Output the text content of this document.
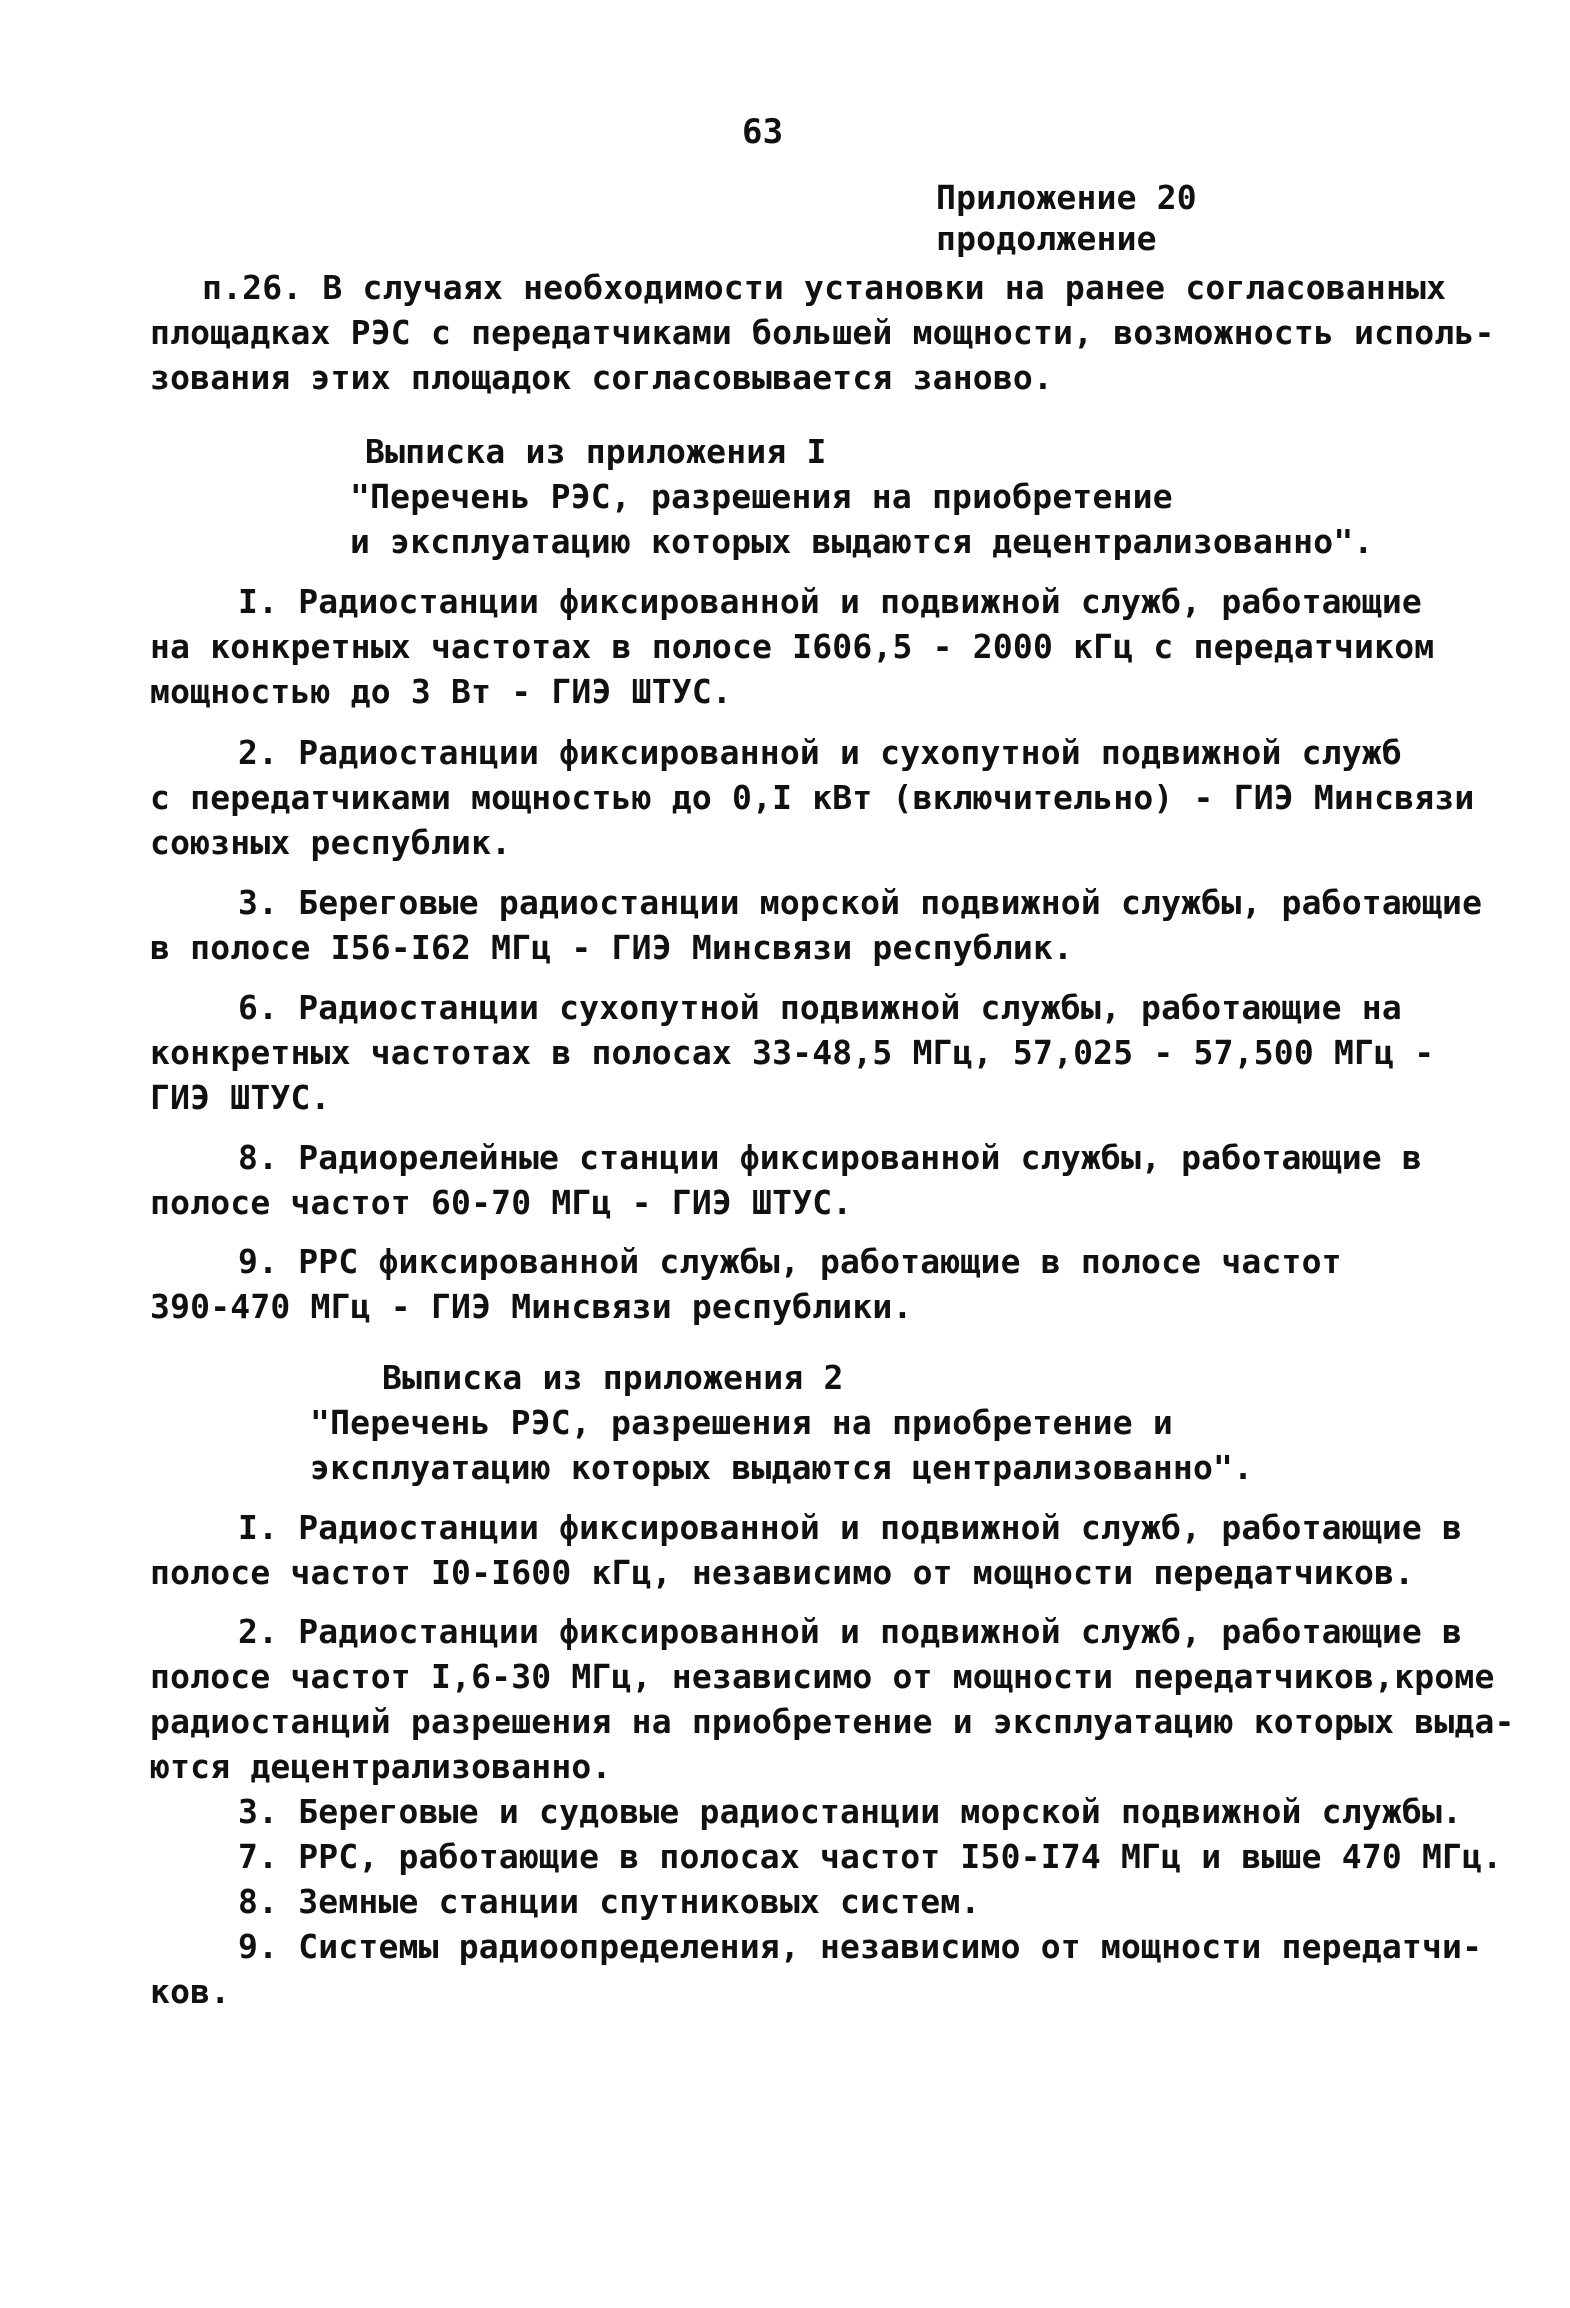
63
Приложение 20
продолжение
п.26. В случаях необходимости установки на ранее согласованных
площадках РЭС с передатчиками большей мощности, возможность исполь-
зования этих площадок согласовывается заново.
Выписка из приложения I
"Перечень РЭС, разрешения на приобретение
и эксплуатацию которых выдаются децентрализованно".
I. Радиостанции фиксированной и подвижной служб, работающие
на конкретных частотах в полосе I606,5 - 2000 кГц с передатчиком
мощностью до 3 Вт - ГИЭ ШТУС.
2. Радиостанции фиксированной и сухопутной подвижной служб
с передатчиками мощностью до 0,I кВт (включительно) - ГИЭ Минсвязи
союзных республик.
3. Береговые радиостанции морской подвижной службы, работающие
в полосе I56-I62 МГц - ГИЭ Минсвязи республик.
6. Радиостанции сухопутной подвижной службы, работающие на
конкретных частотах в полосах 33-48,5 МГц, 57,025 - 57,500 МГц -
ГИЭ ШТУС.
8. Радиорелейные станции фиксированной службы, работающие в
полосе частот 60-70 МГц - ГИЭ ШТУС.
9. РРС фиксированной службы, работающие в полосе частот
390-470 МГц - ГИЭ Минсвязи республики.
Выписка из приложения 2
"Перечень РЭС, разрешения на приобретение и
эксплуатацию которых выдаются централизованно".
I. Радиостанции фиксированной и подвижной служб, работающие в
полосе частот I0-I600 кГц, независимо от мощности передатчиков.
2. Радиостанции фиксированной и подвижной служб, работающие в
полосе частот I,6-30 МГц, независимо от мощности передатчиков,кроме
радиостанций разрешения на приобретение и эксплуатацию которых выда-
ются децентрализованно.
3. Береговые и судовые радиостанции морской подвижной службы.
7. РРС, работающие в полосах частот I50-I74 МГц и выше 470 МГц.
8. Земные станции спутниковых систем.
9. Системы радиоопределения, независимо от мощности передатчи-
ков.
